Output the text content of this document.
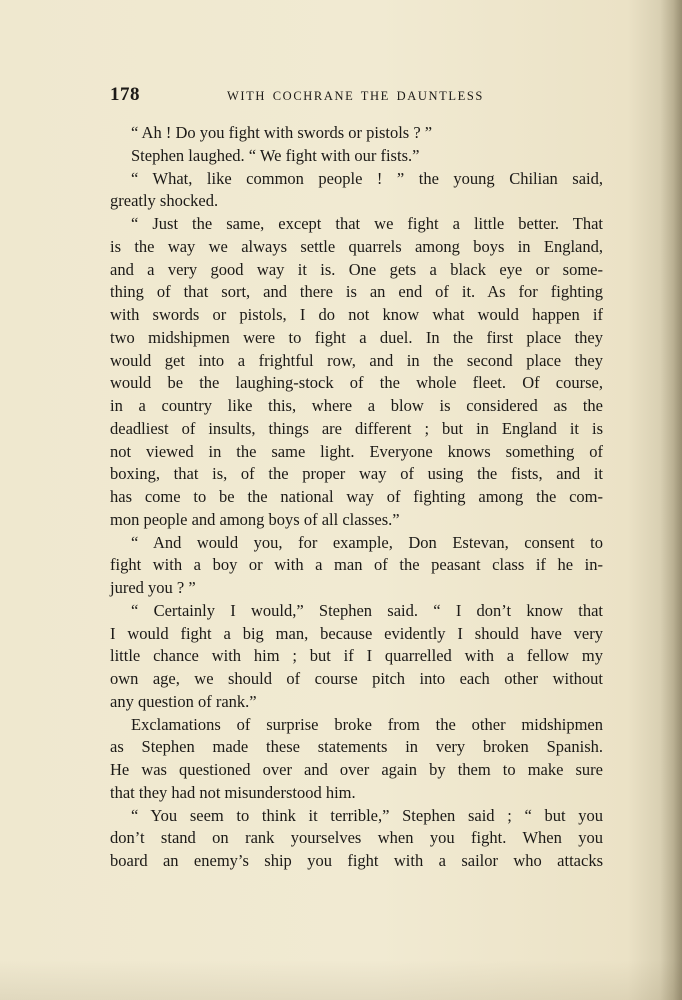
178	WITH COCHRANE THE DAUNTLESS
“ Ah ! Do you fight with swords or pistols ? ”
Stephen laughed. “ We fight with our fists.”
“ What, like common people ! ” the young Chilian said,
greatly shocked.
“ Just the same, except that we fight a little better. That
is the way we always settle quarrels among boys in England,
and a very good way it is. One gets a black eye or some-
thing of that sort, and there is an end of it. As for fighting
with swords or pistols, I do not know what would happen if
two midshipmen were to fight a duel. In the first place they
would get into a frightful row, and in the second place they
would be the laughing-stock of the whole fleet. Of course,
in a country like this, where a blow is considered as the
deadliest of insults, things are different ; but in England it is
not viewed in the same light. Everyone knows something of
boxing, that is, of the proper way of using the fists, and it
has come to be the national way of fighting among the com-
mon people and among boys of all classes.”
“ And would you, for example, Don Estevan, consent to
fight with a boy or with a man of the peasant class if he in-
jured you ? ”
“ Certainly I would,” Stephen said. “ I don’t know that
I would fight a big man, because evidently I should have very
little chance with him ; but if I quarrelled with a fellow my
own age, we should of course pitch into each other without
any question of rank.”
Exclamations of surprise broke from the other midshipmen
as Stephen made these statements in very broken Spanish.
He was questioned over and over again by them to make sure
that they had not misunderstood him.
“ You seem to think it terrible,” Stephen said ; “ but you
don’t stand on rank yourselves when you fight. When you
board an enemy’s ship you fight with a sailor who attacks
